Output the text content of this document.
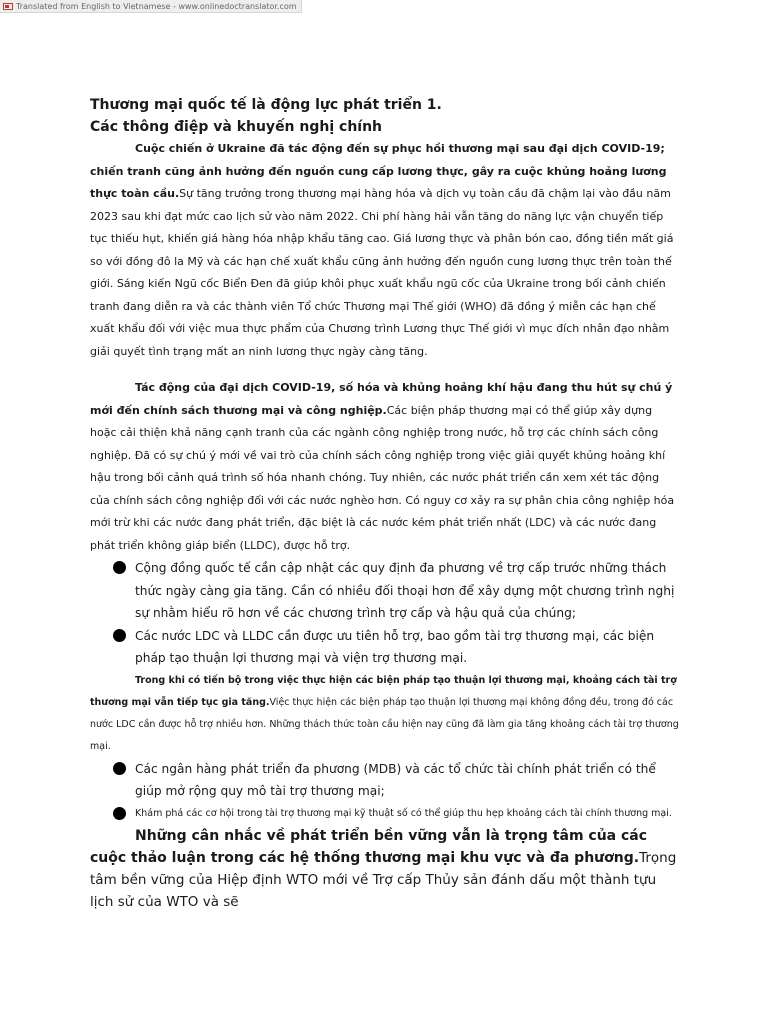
Translated from English to Vietnamese - www.onlinedoctranslator.com
Thương mại quốc tế là động lực phát triển 1.
Các thông điệp và khuyến nghị chính

Cuộc chiến ở Ukraine đã tác động đến sự phục hồi thương mại sau đại dịch COVID-19; chiến tranh cũng ảnh hưởng đến nguồn cung cấp lương thực, gây ra cuộc khủng hoảng lương thực toàn cầu.Sự tăng trưởng trong thương mại hàng hóa và dịch vụ toàn cầu đã chậm lại vào đầu năm 2023 sau khi đạt mức cao lịch sử vào năm 2022. Chi phí hàng hải vẫn tăng do năng lực vận chuyển tiếp tục thiếu hụt, khiến giá hàng hóa nhập khẩu tăng cao. Giá lương thực và phân bón cao, đồng tiền mất giá so với đồng đô la Mỹ và các hạn chế xuất khẩu cũng ảnh hưởng đến nguồn cung lương thực trên toàn thế giới. Sáng kiến Ngũ cốc Biển Đen đã giúp khôi phục xuất khẩu ngũ cốc của Ukraine trong bối cảnh chiến tranh đang diễn ra và các thành viên Tổ chức Thương mại Thế giới (WHO) đã đồng ý miễn các hạn chế xuất khẩu đối với việc mua thực phẩm của Chương trình Lương thực Thế giới vì mục đích nhân đạo nhằm giải quyết tình trạng mất an ninh lương thực ngày càng tăng.

Tác động của đại dịch COVID-19, số hóa và khủng hoảng khí hậu đang thu hút sự chú ý mới đến chính sách thương mại và công nghiệp.Các biện pháp thương mại có thể giúp xây dựng hoặc cải thiện khả năng cạnh tranh của các ngành công nghiệp trong nước, hỗ trợ các chính sách công nghiệp. Đã có sự chú ý mới về vai trò của chính sách công nghiệp trong việc giải quyết khủng hoảng khí hậu trong bối cảnh quá trình số hóa nhanh chóng. Tuy nhiên, các nước phát triển cần xem xét tác động của chính sách công nghiệp đối với các nước nghèo hơn. Có nguy cơ xảy ra sự phân chia công nghiệp hóa mới trừ khi các nước đang phát triển, đặc biệt là các nước kém phát triển nhất (LDC) và các nước đang phát triển không giáp biển (LLDC), được hỗ trợ.

Cộng đồng quốc tế cần cập nhật các quy định đa phương về trợ cấp trước những thách thức ngày càng gia tăng. Cần có nhiều đối thoại hơn để xây dựng một chương trình nghị sự nhằm hiểu rõ hơn về các chương trình trợ cấp và hậu quả của chúng;
Các nước LDC và LLDC cần được ưu tiên hỗ trợ, bao gồm tài trợ thương mại, các biện pháp tạo thuận lợi thương mại và viện trợ thương mại.

Trong khi có tiến bộ trong việc thực hiện các biện pháp tạo thuận lợi thương mại, khoảng cách tài trợ thương mại vẫn tiếp tục gia tăng.Việc thực hiện các biện pháp tạo thuận lợi thương mại không đồng đều, trong đó các nước LDC cần được hỗ trợ nhiều hơn. Những thách thức toàn cầu hiện nay cũng đã làm gia tăng khoảng cách tài trợ thương mại.

Các ngân hàng phát triển đa phương (MDB) và các tổ chức tài chính phát triển có thể giúp mở rộng quy mô tài trợ thương mại;
Khám phá các cơ hội trong tài trợ thương mại kỹ thuật số có thể giúp thu hẹp khoảng cách tài chính thương mại.

Những cân nhắc về phát triển bền vững vẫn là trọng tâm của các cuộc thảo luận trong các hệ thống thương mại khu vực và đa phương.Trọng tâm bền vững của Hiệp định WTO mới về Trợ cấp Thủy sản đánh dấu một thành tựu lịch sử của WTO và sẽ
